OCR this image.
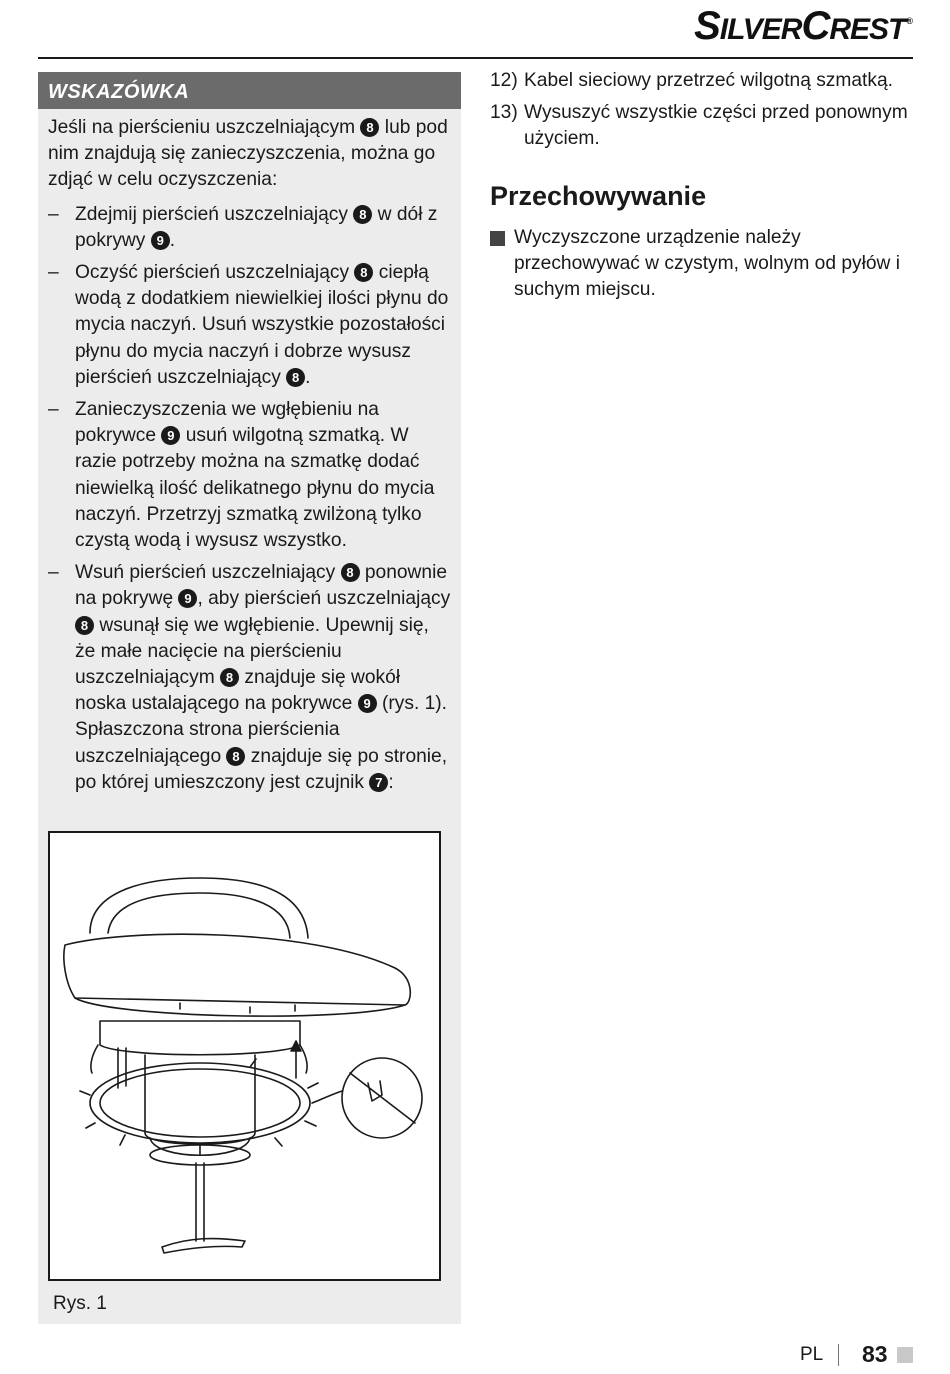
SILVERCREST®
WSKAZÓWKA

Jeśli na pierścieniu uszczelniającym 8 lub pod nim znajdują się zanieczyszczenia, można go zdjąć w celu oczyszczenia:

– Zdejmij pierścień uszczelniający 8 w dół z pokrywy 9 .
– Oczyść pierścień uszczelniający 8 ciepłą wodą z dodatkiem niewielkiej ilości płynu do mycia naczyń. Usuń wszystkie pozostałości płynu do mycia naczyń i dobrze wysusz pierścień uszczelniający 8 .
– Zanieczyszczenia we wgłębieniu na pokrywce 9 usuń wilgotną szmatką. W razie potrzeby można na szmatkę dodać niewielką ilość delikatnego płynu do mycia naczyń. Przetrzyj szmatką zwilżoną tylko czystą wodą i wysusz wszystko.
– Wsuń pierścień uszczelniający 8 ponownie na pokrywę 9 , aby pierścień uszczelniający 8 wsunął się we wgłębienie. Upewnij się, że małe nacięcie na pierścieniu uszczelniającym 8 znajduje się wokół noska ustalającego na pokrywce 9 (rys. 1). Spłaszczona strona pierścienia uszczelniającego 8 znajduje się po stronie, po której umieszczony jest czujnik 7 :
Rys. 1
12) Kabel sieciowy przetrzeć wilgotną szmatką.
13) Wysuszyć wszystkie części przed ponownym użyciem.
Przechowywanie
Wyczyszczone urządzenie należy przechowywać w czystym, wolnym od pyłów i suchym miejscu.
PL 83
